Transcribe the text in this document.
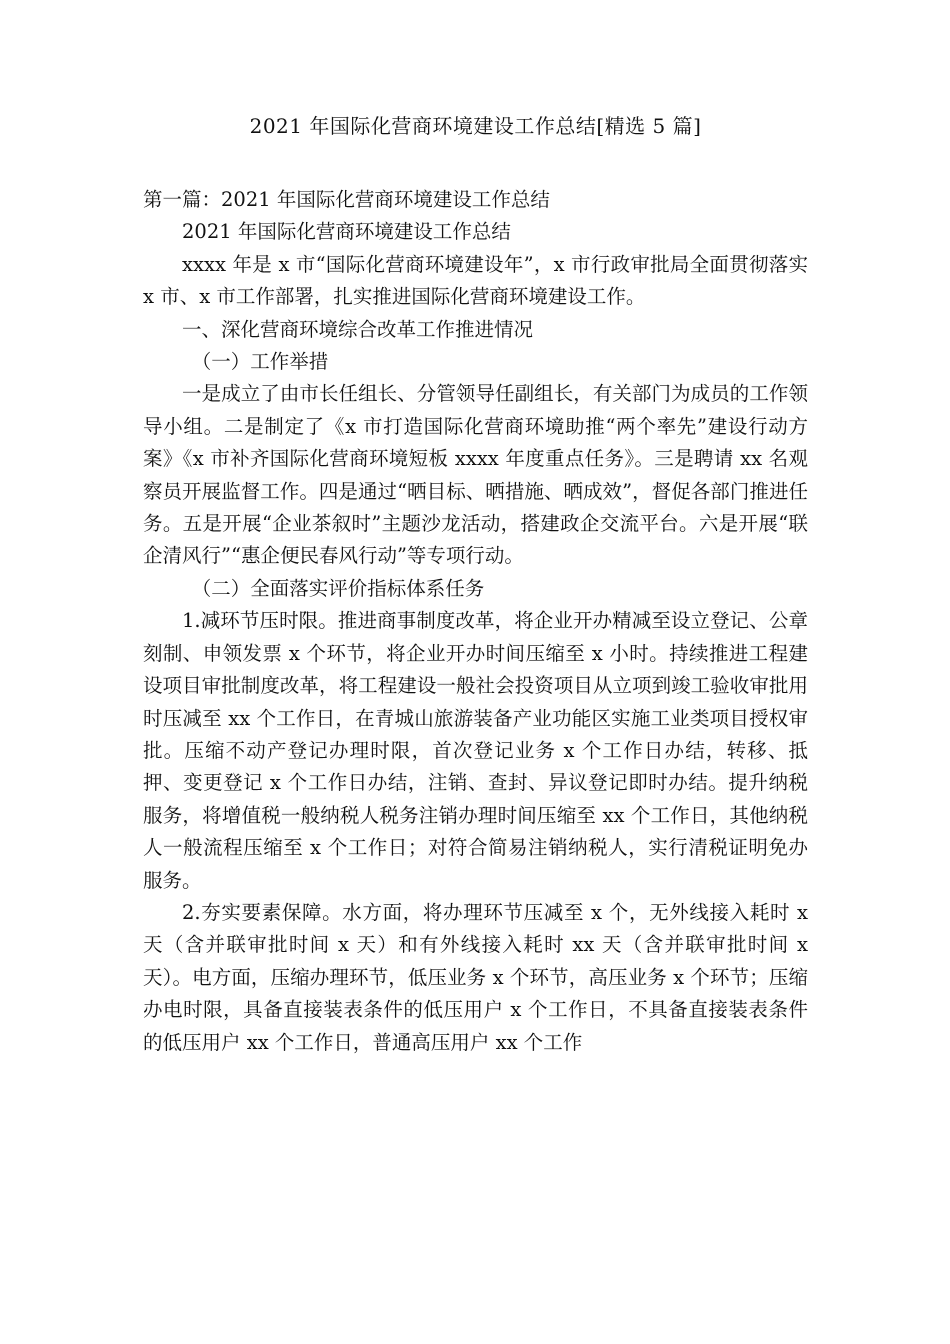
2021 年国际化营商环境建设工作总结[精选 5 篇]

第一篇：2021 年国际化营商环境建设工作总结

2021 年国际化营商环境建设工作总结

xxxx 年是 x 市“国际化营商环境建设年”，x 市行政审批局全面贯彻落实 x 市、x 市工作部署，扎实推进国际化营商环境建设工作。

一、深化营商环境综合改革工作推进情况

（一）工作举措

一是成立了由市长任组长、分管领导任副组长，有关部门为成员的工作领导小组。二是制定了《x 市打造国际化营商环境助推“两个率先”建设行动方案》《x 市补齐国际化营商环境短板 xxxx 年度重点任务》。三是聘请 xx 名观察员开展监督工作。四是通过“晒目标、晒措施、晒成效”，督促各部门推进任务。五是开展“企业茶叙时”主题沙龙活动，搭建政企交流平台。六是开展“联企清风行”“惠企便民春风行动”等专项行动。

（二）全面落实评价指标体系任务

1.减环节压时限。推进商事制度改革，将企业开办精减至设立登记、公章刻制、申领发票 x 个环节，将企业开办时间压缩至 x 小时。持续推进工程建设项目审批制度改革，将工程建设一般社会投资项目从立项到竣工验收审批用时压减至 xx 个工作日，在青城山旅游装备产业功能区实施工业类项目授权审批。压缩不动产登记办理时限，首次登记业务 x 个工作日办结，转移、抵押、变更登记 x 个工作日办结，注销、查封、异议登记即时办结。提升纳税服务，将增值税一般纳税人税务注销办理时间压缩至 xx 个工作日，其他纳税人一般流程压缩至 x 个工作日；对符合简易注销纳税人，实行清税证明免办服务。

2.夯实要素保障。水方面，将办理环节压减至 x 个，无外线接入耗时 x 天（含并联审批时间 x 天）和有外线接入耗时 xx 天（含并联审批时间 x 天）。电方面，压缩办理环节，低压业务 x 个环节，高压业务 x 个环节；压缩办电时限，具备直接装表条件的低压用户 x 个工作日，不具备直接装表条件的低压用户 xx 个工作日，普通高压用户 xx 个工作
